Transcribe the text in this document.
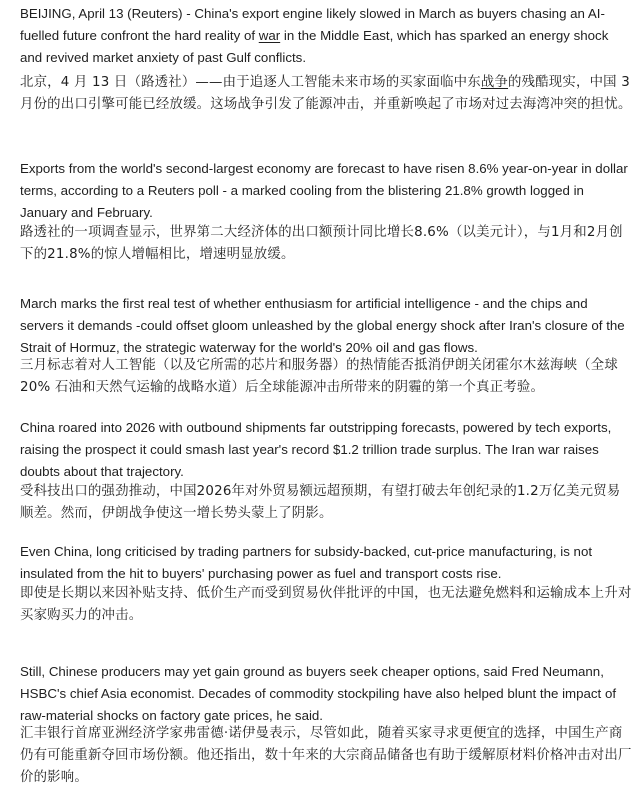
BEIJING, April 13 (Reuters) - China's export engine likely slowed in March as buyers chasing an AI-fuelled future confront the hard reality of war in the Middle East, which has sparked an energy shock and revived market anxiety of past Gulf conflicts.

北京，4 月 13 日（路透社）——由于追逐人工智能未来市场的买家面临中东战争的残酷现实，中国 3 月份的出口引擎可能已经放缓。这场战争引发了能源冲击，并重新唤起了市场对过去海湾冲突的担忧。

Exports from the world's second-largest economy are forecast to have risen 8.6% year-on-year in dollar terms, according to a Reuters poll - a marked cooling from the blistering 21.8% growth logged in January and February.

路透社的一项调查显示，世界第二大经济体的出口额预计同比增长8.6%（以美元计），与1月和2月创下的21.8%的惊人增幅相比，增速明显放缓。

March marks the first real test of whether enthusiasm for artificial intelligence - and the chips and servers it demands -could offset gloom unleashed by the global energy shock after Iran's closure of the Strait of Hormuz, the strategic waterway for the world's 20% oil and gas flows.

三月标志着对人工智能（以及它所需的芯片和服务器）的热情能否抵消伊朗关闭霍尔木兹海峡（全球 20% 石油和天然气运输的战略水道）后全球能源冲击所带来的阴霾的第一个真正考验。

China roared into 2026 with outbound shipments far outstripping forecasts, powered by tech exports, raising the prospect it could smash last year's record $1.2 trillion trade surplus. The Iran war raises doubts about that trajectory.

受科技出口的强劲推动，中国2026年对外贸易额远超预期，有望打破去年创纪录的1.2万亿美元贸易顺差。然而，伊朗战争使这一增长势头蒙上了阴影。

Even China, long criticised by trading partners for subsidy-backed, cut-price manufacturing, is not insulated from the hit to buyers' purchasing power as fuel and transport costs rise.

即使是长期以来因补贴支持、低价生产而受到贸易伙伴批评的中国，也无法避免燃料和运输成本上升对买家购买力的冲击。

Still, Chinese producers may yet gain ground as buyers seek cheaper options, said Fred Neumann, HSBC's chief Asia economist. Decades of commodity stockpiling have also helped blunt the impact of raw-material shocks on factory gate prices, he said.

汇丰银行首席亚洲经济学家弗雷德·诺伊曼表示，尽管如此，随着买家寻求更便宜的选择，中国生产商仍有可能重新夺回市场份额。他还指出，数十年来的大宗商品储备也有助于缓解原材料价格冲击对出厂价的影响。
